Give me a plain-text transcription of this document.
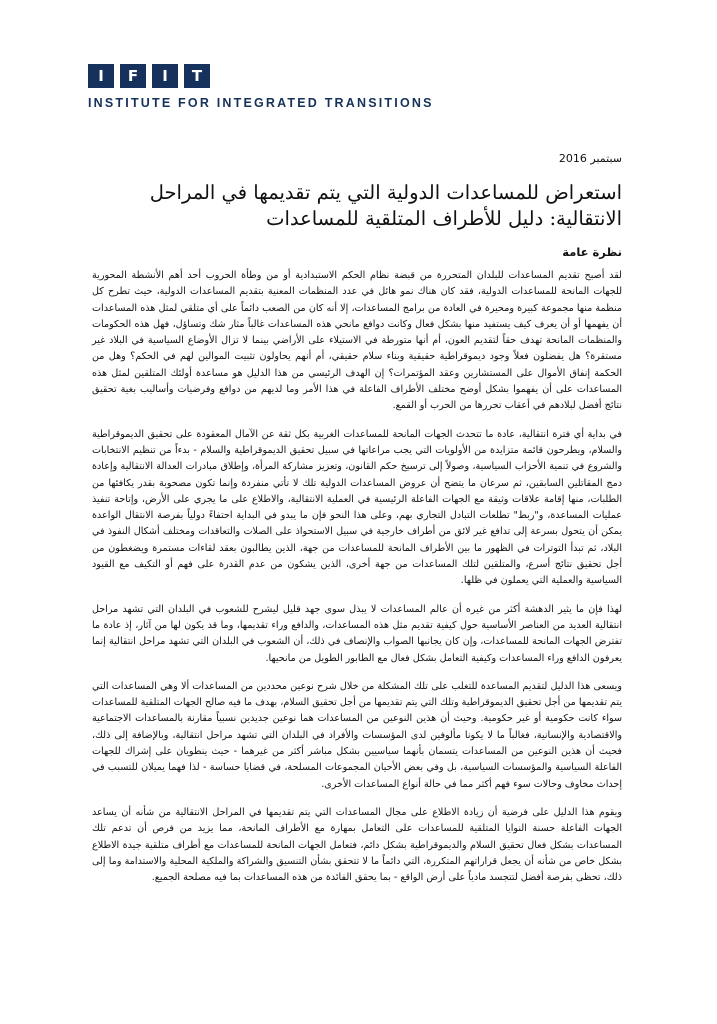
I	F	I	T
INSTITUTE FOR INTEGRATED TRANSITIONS
سبتمبر 2016
استعراض للمساعدات الدولية التي يتم تقديمها في المراحل
الانتقالية: دليل للأطراف المتلقية للمساعدات
نظرة عامة

لقد أصبح تقديم المساعدات للبلدان المتحررة من قبضة نظام الحكم الاستبدادية أو من وطأة الحروب أحد أهم الأنشطة المحورية للجهات المانحة للمساعدات الدولية، فقد كان هناك نمو هائل في عدد المنظمات المعنية بتقديم المساعدات الدولية، حيث تطرح كل منظمة منها مجموعة كبيرة ومحيرة في العادة من برامج المساعدات، إلا أنه كان من الصعب دائماً على أي متلقي لمثل هذه المساعدات أن يفهمها أو أن يعرف كيف يستفيد منها بشكل فعال وكانت دوافع مانحي هذه المساعدات غالباً مثار شك وتساؤل، فهل هذه الحكومات والمنظمات المانحة تهدف حقاً لتقديم العون، أم أنها متورطة في الاستيلاء على الأراضي بينما لا تزال الأوضاع السياسية في البلاد غير مستقرة؟ هل يفضلون فعلاً وجود ديموقراطية حقيقية وبناء سلام حقيقي، أم أنهم يحاولون تثبيت الموالين لهم في الحكم؟ وهل من الحكمة إنفاق الأموال على المستشارين وعقد المؤتمرات؟ إن الهدف الرئيسي من هذا الدليل هو مساعدة أولئك المتلقين لمثل هذه المساعدات على أن يفهموا بشكل أوضح مختلف الأطراف الفاعلة في هذا الأمر وما لديهم من دوافع وفرضيات وأساليب بغية تحقيق نتائج أفضل لبلادهم في أعقاب تحررها من الحرب أو القمع.

في بداية أي فترة انتقالية، عادة ما تتحدث الجهات المانحة للمساعدات الغربية بكل ثقة عن الآمال المعقودة على تحقيق الديموقراطية والسلام، ويطرحون قائمة متزايدة من الأولويات التي يجب مراعاتها في سبيل تحقيق الديموقراطية والسلام - بدءاً من تنظيم الانتخابات والشروع في تنمية الأحزاب السياسية، وصولاً إلى ترسيخ حكم القانون، وتعزيز مشاركة المرأة، وإطلاق مبادرات العدالة الانتقالية وإعادة دمج المقاتلين السابقين، ثم سرعان ما يتضح أن عروض المساعدات الدولية تلك لا تأتي منفردة وإنما تكون مصحوبة بقدر يكافئها من الطلبات، منها إقامة علاقات وثيقة مع الجهات الفاعلة الرئيسية في العملية الانتقالية، والاطلاع على ما يجري على الأرض، وإتاحة تنفيذ عمليات المساعدة، و"ربط" تطلعات التبادل التجاري بهم، وعلى هذا النحو فإن ما يبدو في البداية احتفاءً دولياً بفرصة الانتقال الواعدة يمكن أن يتحول بسرعة إلى تدافع غير لائق من أطراف خارجية في سبيل الاستحواذ على الصلات والتعاقدات ومختلف أشكال النفوذ في البلاد، ثم تبدأ التوترات في الظهور ما بين الأطراف المانحة للمساعدات من جهة، الذين يطالبون بعقد لقاءات مستمرة ويضغطون من أجل تحقيق نتائج أسرع، والمتلقين لتلك المساعدات من جهة أخرى، الذين يشكون من عدم القدرة على فهم أو التكيف مع القيود السياسية والعملية التي يعملون في ظلها.

لهذا فإن ما يثير الدهشة أكثر من غيره أن عالم المساعدات لا يبذل سوى جهد قليل ليشرح للشعوب في البلدان التي تشهد مراحل انتقالية العديد من العناصر الأساسية حول كيفية تقديم مثل هذه المساعدات، والدافع وراء تقديمها، وما قد يكون لها من آثار، إذ عادة ما تفترض الجهات المانحة للمساعدات، وإن كان يجانبها الصواب والإنصاف في ذلك، أن الشعوب في البلدان التي تشهد مراحل انتقالية إنما يعرفون الدافع وراء المساعدات وكيفية التعامل بشكل فعال مع الطابور الطويل من مانحيها.

ويسعى هذا الدليل لتقديم المساعدة للتغلب على تلك المشكلة من خلال شرح نوعين محددين من المساعدات ألا وهي المساعدات التي يتم تقديمها من أجل تحقيق الديموقراطية وتلك التي يتم تقديمها من أجل تحقيق السلام، بهدف ما فيه صالح الجهات المتلقية للمساعدات سواء كانت حكومية أو غير حكومية. وحيث أن هذين النوعين من المساعدات هما نوعين جديدين نسبياً مقارنة بالمساعدات الاجتماعية والاقتصادية والإنسانية، فغالباً ما لا يكونا مألوفين لدى المؤسسات والأفراد في البلدان التي تشهد مراحل انتقالية، وبالإضافة إلى ذلك، فحيث أن هذين النوعين من المساعدات يتسمان بأنهما سياسيين بشكل مباشر أكثر من غيرهما - حيث ينطويان على إشراك للجهات الفاعلة السياسية والمؤسسات السياسية، بل وفي بعض الأحيان المجموعات المسلحة، في قضايا حساسة - لذا فهما يميلان للتسبب في إحداث مخاوف وحالات سوء فهم أكثر مما في حالة أنواع المساعدات الأخرى.

ويقوم هذا الدليل على فرضية أن زيادة الاطلاع على مجال المساعدات التي يتم تقديمها في المراحل الانتقالية من شأنه أن يساعد الجهات الفاعلة حسنة النوايا المتلقية للمساعدات على التعامل بمهارة مع الأطراف المانحة، مما يزيد من فرص أن تدعم تلك المساعدات بشكل فعال تحقيق السلام والديموقراطية بشكل دائم، فتعامل الجهات المانحة للمساعدات مع أطراف متلقية جيدة الاطلاع بشكل خاص من شأنه أن يجعل قراراتهم المتكررة، التي دائماً ما لا تتحقق بشأن التنسيق والشراكة والملكية المحلية والاستدامة وما إلى ذلك، تحظى بفرصة أفضل لتتجسد مادياً على أرض الواقع - بما يحقق الفائدة من هذه المساعدات بما فيه مصلحة الجميع.
